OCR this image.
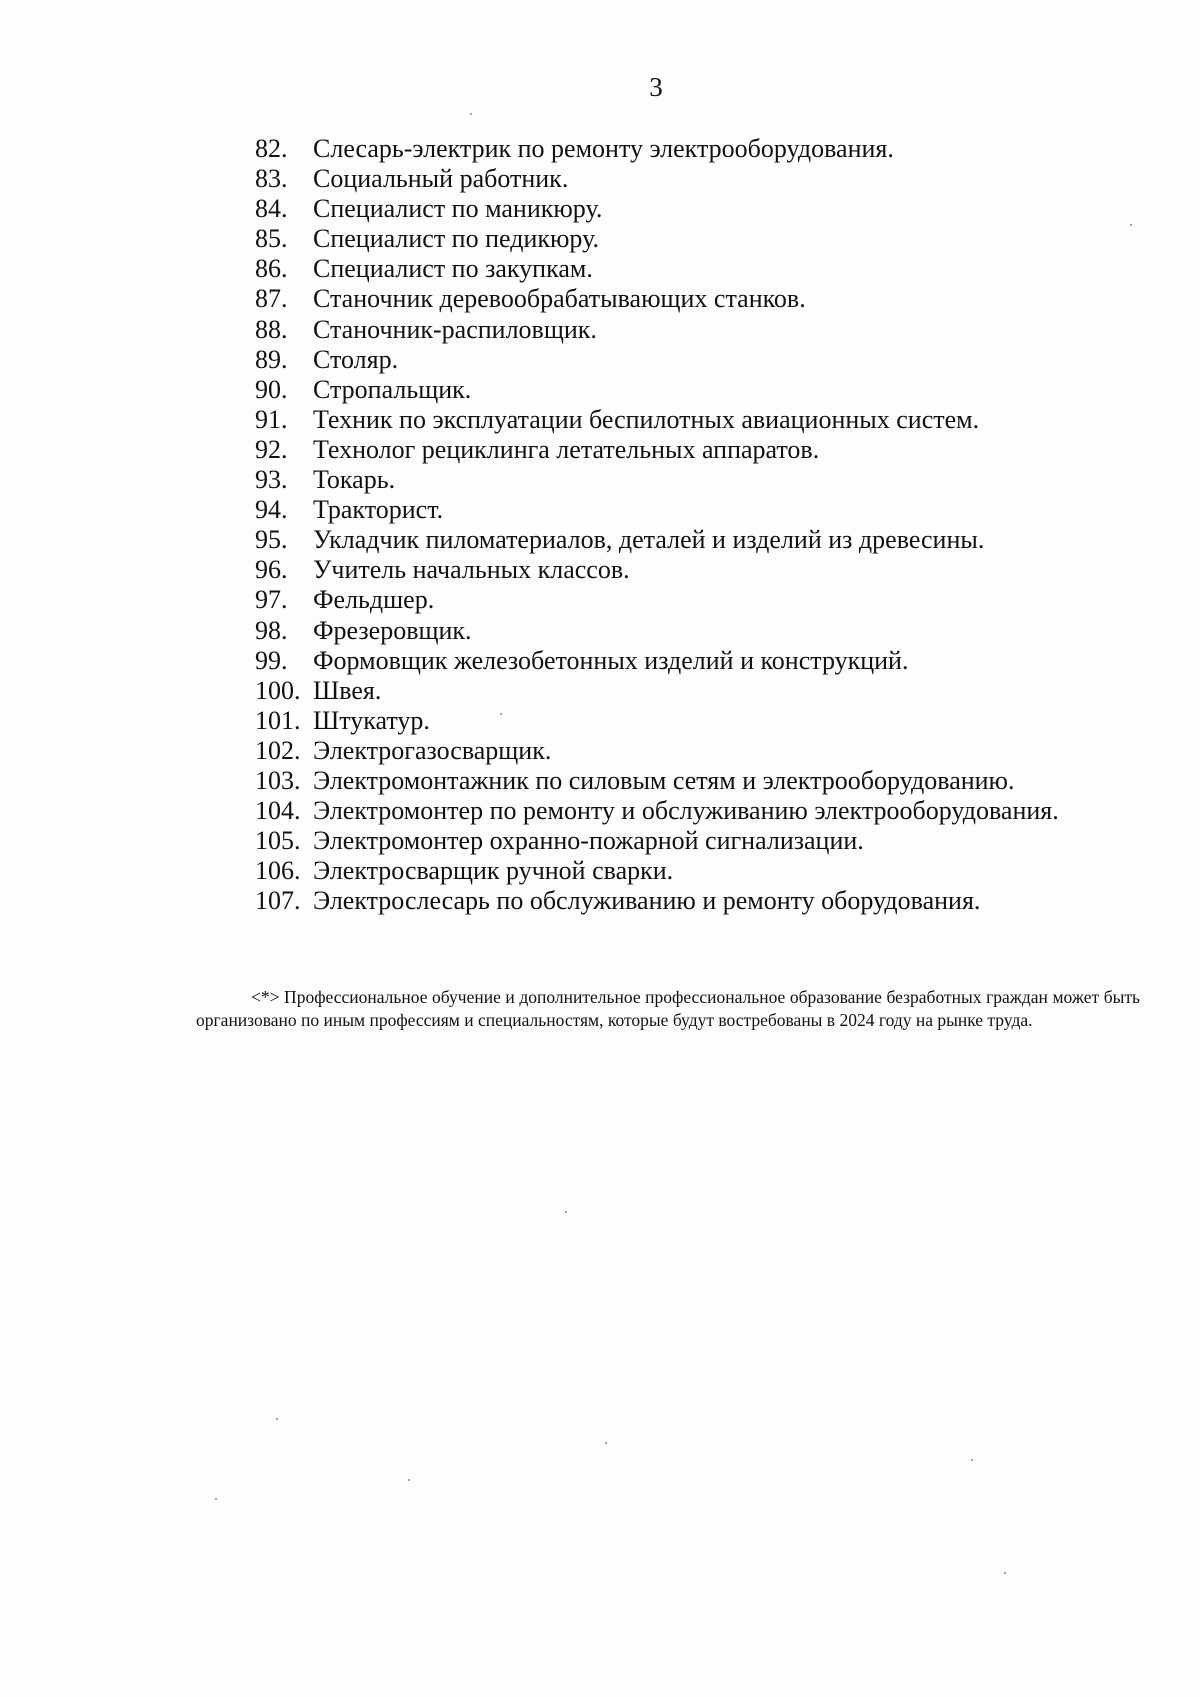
3
82. Слесарь-электрик по ремонту электрооборудования.
83. Социальный работник.
84. Специалист по маникюру.
85. Специалист по педикюру.
86. Специалист по закупкам.
87. Станочник деревообрабатывающих станков.
88. Станочник-распиловщик.
89. Столяр.
90. Стропальщик.
91. Техник по эксплуатации беспилотных авиационных систем.
92. Технолог рециклинга летательных аппаратов.
93. Токарь.
94. Тракторист.
95. Укладчик пиломатериалов, деталей и изделий из древесины.
96. Учитель начальных классов.
97. Фельдшер.
98. Фрезеровщик.
99. Формовщик железобетонных изделий и конструкций.
100. Швея.
101. Штукатур.
102. Электрогазосварщик.
103. Электромонтажник по силовым сетям и электрооборудованию.
104. Электромонтер по ремонту и обслуживанию электрооборудования.
105. Электромонтер охранно-пожарной сигнализации.
106. Электросварщик ручной сварки.
107. Электрослесарь по обслуживанию и ремонту оборудования.

<*> Профессиональное обучение и дополнительное профессиональное образование безработных граждан может быть организовано по иным профессиям и специальностям, которые будут востребованы в 2024 году на рынке труда.
